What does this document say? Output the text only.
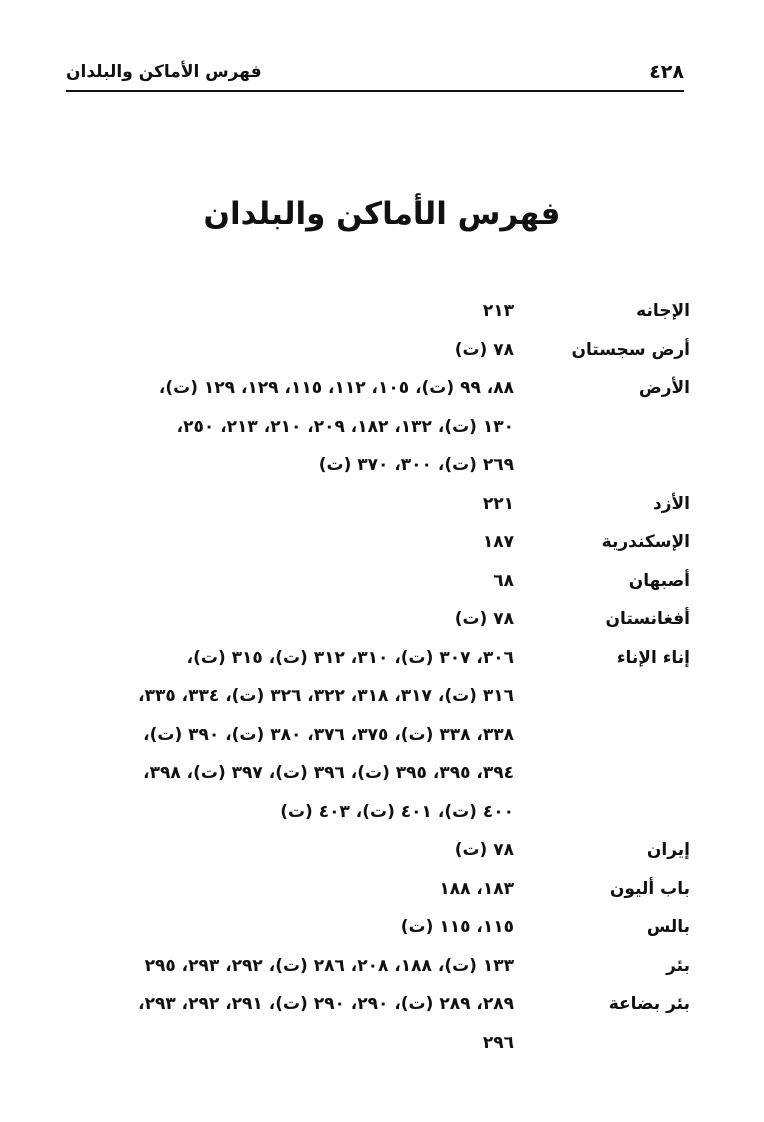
٤٢٨
فهرس الأماكن والبلدان
فهرس الأماكن والبلدان
الإجانه
٢١٣
أرض سجستان
٧٨ (ت)
الأرض
٨٨، ٩٩ (ت)، ١٠٥، ١١٢، ١١٥، ١٢٩، ١٢٩ (ت)،
١٣٠ (ت)، ١٣٢، ١٨٢، ٢٠٩، ٢١٠، ٢١٣، ٢٥٠،
٢٦٩ (ت)، ٣٠٠، ٣٧٠ (ت)
الأزد
٢٢١
الإسكندرية
١٨٧
أصبهان
٦٨
أفغانستان
٧٨ (ت)
إناء الإناء
٣٠٦، ٣٠٧ (ت)، ٣١٠، ٣١٢ (ت)، ٣١٥ (ت)،
٣١٦ (ت)، ٣١٧، ٣١٨، ٣٢٢، ٣٢٦ (ت)، ٣٣٤، ٣٣٥،
٣٣٨، ٣٣٨ (ت)، ٣٧٥، ٣٧٦، ٣٨٠ (ت)، ٣٩٠ (ت)،
٣٩٤، ٣٩٥، ٣٩٥ (ت)، ٣٩٦ (ت)، ٣٩٧ (ت)، ٣٩٨،
٤٠٠ (ت)، ٤٠١ (ت)، ٤٠٣ (ت)
إيران
٧٨ (ت)
باب أليون
١٨٣، ١٨٨
بالس
١١٥، ١١٥ (ت)
بئر
١٣٣ (ت)، ١٨٨، ٢٠٨، ٢٨٦ (ت)، ٢٩٢، ٢٩٣، ٢٩٥
بئر بضاعة
٢٨٩، ٢٨٩ (ت)، ٢٩٠، ٢٩٠ (ت)، ٢٩١، ٢٩٢، ٢٩٣،
٢٩٦
